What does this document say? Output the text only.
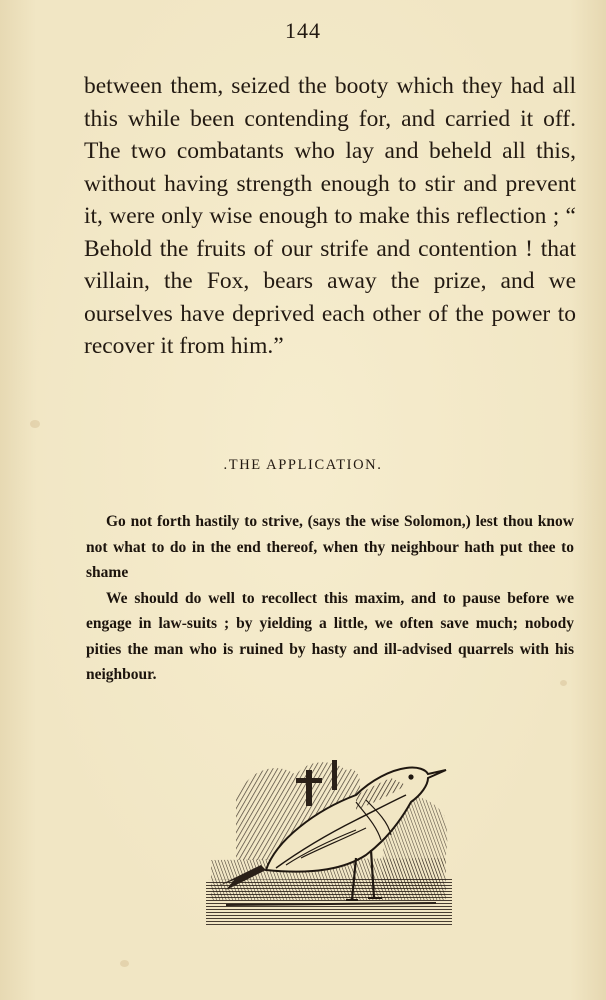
144

between them, seized the booty which they had all this while been contending for, and carried it off. The two combatants who lay and beheld all this, without having strength enough to stir and prevent it, were only wise enough to make this reflection ; “ Behold the fruits of our strife and contention ! that villain, the Fox, bears away the prize, and we ourselves have deprived each other of the power to recover it from him.”

.THE APPLICATION.

Go not forth hastily to strive, (says the wise Solomon,) lest thou know not what to do in the end thereof, when thy neighbour hath put thee to shame

We should do well to recollect this maxim, and to pause before we engage in law-suits ; by yielding a little, we often save much; nobody pities the man who is ruined by hasty and ill-advised quarrels with his neighbour.
